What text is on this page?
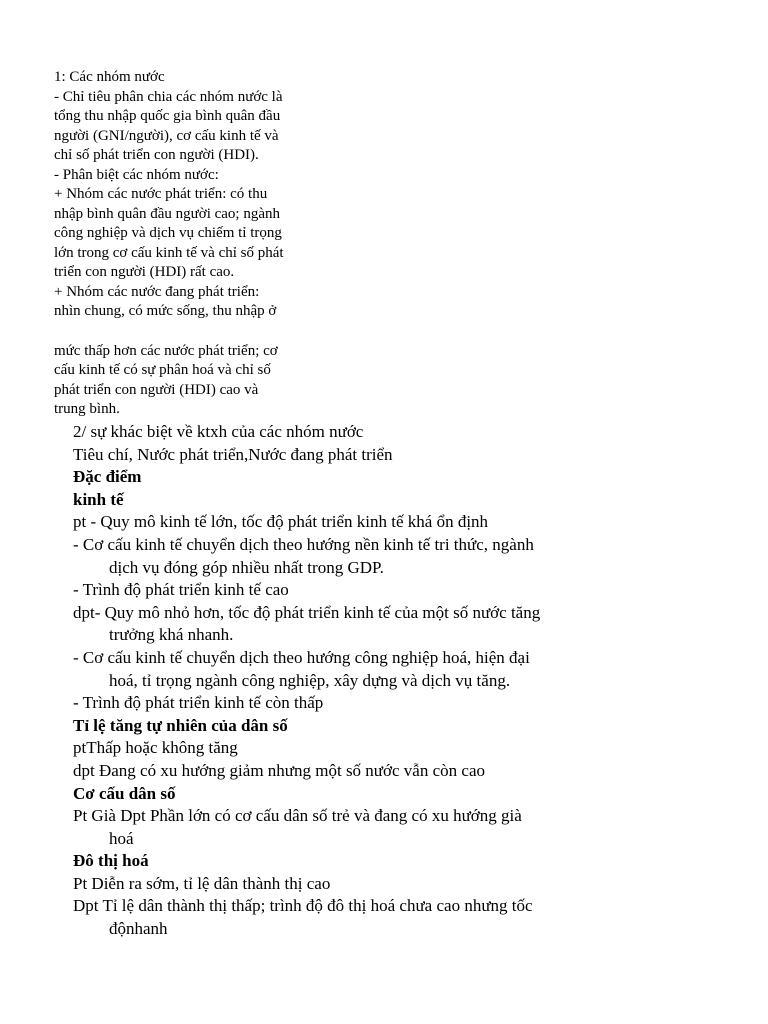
1: Các nhóm nước
- Chỉ tiêu phân chia các nhóm nước là
tổng thu nhập quốc gia bình quân đầu
người (GNI/người), cơ cấu kinh tế và
chỉ số phát triển con người (HDI).
- Phân biệt các nhóm nước:
+ Nhóm các nước phát triển: có thu
nhập bình quân đầu người cao; ngành
công nghiệp và dịch vụ chiếm tỉ trọng
lớn trong cơ cấu kinh tế và chỉ số phát
triển con người (HDI) rất cao.
+ Nhóm các nước đang phát triển:
nhìn chung, có mức sống, thu nhập ở
mức thấp hơn các nước phát triển; cơ
cấu kinh tế có sự phân hoá và chỉ số
phát triển con người (HDI) cao và
trung bình.
2/ sự khác biệt về ktxh của các nhóm nước
Tiêu chí, Nước phát triển,Nước đang phát triển
Đặc điểm
kinh tế
pt - Quy mô kinh tế lớn, tốc độ phát triển kinh tế khá ổn định
- Cơ cấu kinh tế chuyển dịch theo hướng nền kinh tế tri thức, ngành
dịch vụ đóng góp nhiều nhất trong GDP.
- Trình độ phát triển kinh tế cao
dpt- Quy mô nhỏ hơn, tốc độ phát triển kinh tế của một số nước tăng
trưởng khá nhanh.
- Cơ cấu kinh tế chuyển dịch theo hướng công nghiệp hoá, hiện đại
hoá, tỉ trọng ngành công nghiệp, xây dựng và dịch vụ tăng.
- Trình độ phát triển kinh tế còn thấp
Tỉ lệ tăng tự nhiên của dân số
ptThấp hoặc không tăng
dpt Đang có xu hướng giảm nhưng một số nước vẫn còn cao
Cơ cấu dân số
Pt Già Dpt Phần lớn có cơ cấu dân số trẻ và đang có xu hướng già
hoá
Đô thị hoá
Pt Diễn ra sớm, tỉ lệ dân thành thị cao
Dpt Tỉ lệ dân thành thị thấp; trình độ đô thị hoá chưa cao nhưng tốc
độnhanh
